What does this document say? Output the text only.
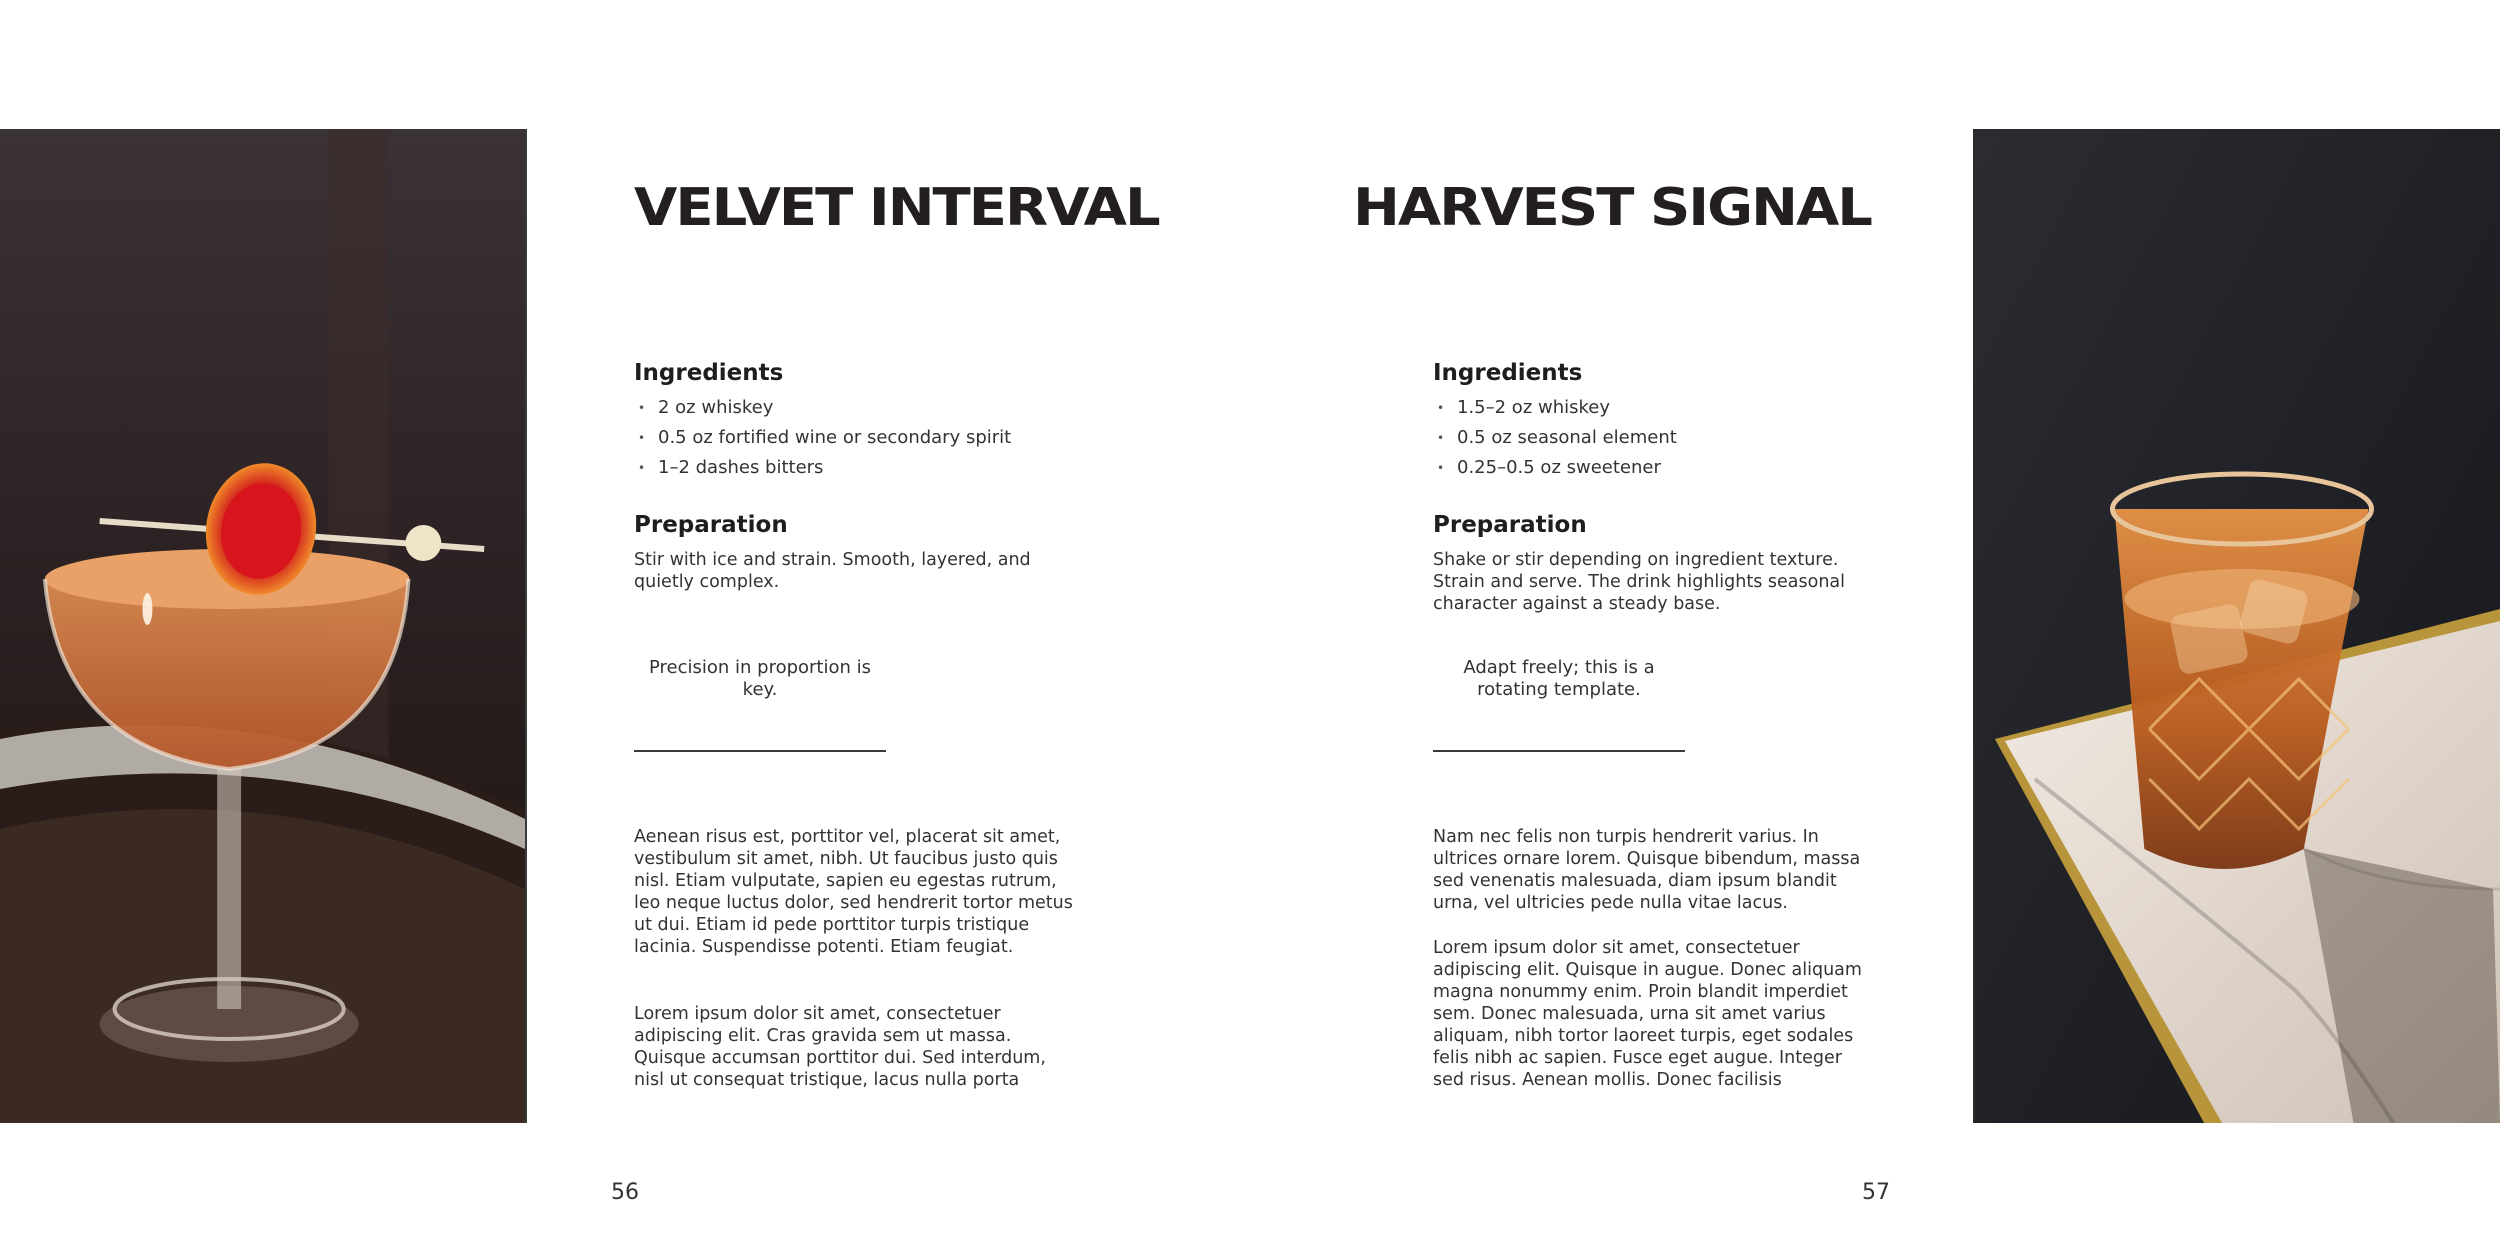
VELVET INTERVAL
Ingredients
• 2 oz whiskey
• 0.5 oz fortified wine or secondary spirit
• 1–2 dashes bitters
Preparation
Stir with ice and strain. Smooth, layered, and quietly complex.
Precision in proportion is key.
Aenean risus est, porttitor vel, placerat sit amet, vestibulum sit amet, nibh. Ut faucibus justo quis nisl. Etiam vulputate, sapien eu egestas rutrum, leo neque luctus dolor, sed hendrerit tortor metus ut dui. Etiam id pede porttitor turpis tristique lacinia. Suspendisse potenti. Etiam feugiat.
Lorem ipsum dolor sit amet, consectetuer adipiscing elit. Cras gravida sem ut massa. Quisque accumsan porttitor dui. Sed interdum, nisl ut consequat tristique, lacus nulla porta
56
HARVEST SIGNAL
Ingredients
• 1.5–2 oz whiskey
• 0.5 oz seasonal element
• 0.25–0.5 oz sweetener
Preparation
Shake or stir depending on ingredient texture. Strain and serve. The drink highlights seasonal character against a steady base.
Adapt freely; this is a rotating template.
Nam nec felis non turpis hendrerit varius. In ultrices ornare lorem. Quisque bibendum, massa sed venenatis malesuada, diam ipsum blandit urna, vel ultricies pede nulla vitae lacus.
Lorem ipsum dolor sit amet, consectetuer adipiscing elit. Quisque in augue. Donec aliquam magna nonummy enim. Proin blandit imperdiet sem. Donec malesuada, urna sit amet varius aliquam, nibh tortor laoreet turpis, eget sodales felis nibh ac sapien. Fusce eget augue. Integer sed risus. Aenean mollis. Donec facilisis
57
